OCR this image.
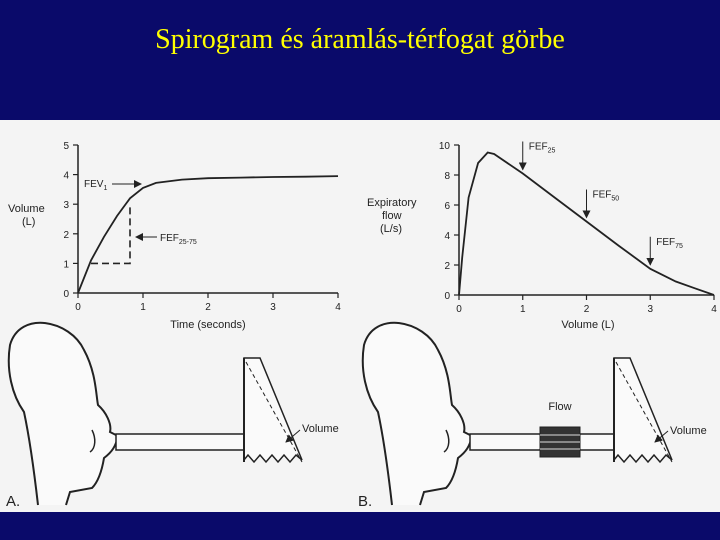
Spirogram és áramlás-térfogat görbe
0	1	2	3	4
0
1
2
3
4
5
Volume
(L)
Time (seconds)
$FEV_1$
$FEF_{25-75}$
0	1	2	3	4
0
2
4
6
8
10
Expiratory
flow
(L/s)
Volume (L)
$FEF_{25}$
$FEF_{50}$
$FEF_{75}$
Volume
A.
Flow
Volume
B.
